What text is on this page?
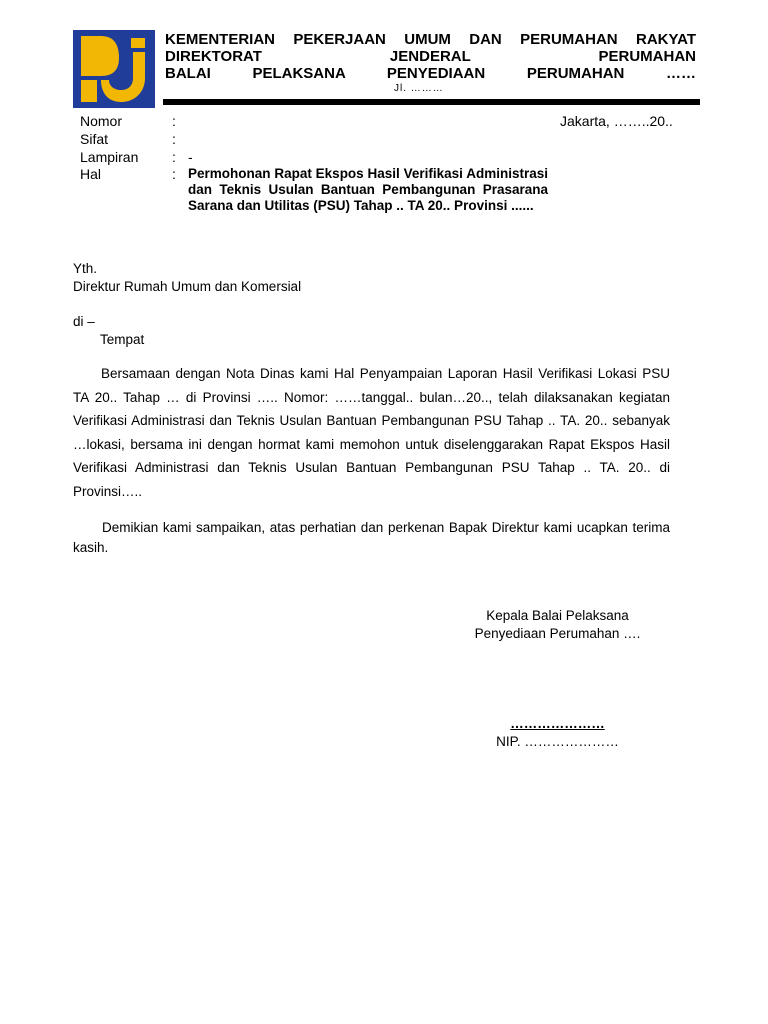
KEMENTERIAN PEKERJAAN UMUM DAN PERUMAHAN RAKYAT
DIREKTORAT JENDERAL PERUMAHAN
BALAI PELAKSANA PENYEDIAAN PERUMAHAN ……
Jl. ………
Nomor	:
Sifat	:
Lampiran : -
Hal	: Permohonan Rapat Ekspos Hasil Verifikasi Administrasi dan Teknis Usulan Bantuan Pembangunan Prasarana Sarana dan Utilitas (PSU) Tahap .. TA 20.. Provinsi ......
Jakarta, ……..20..
Yth.
Direktur Rumah Umum dan Komersial
di –
Tempat
Bersamaan dengan Nota Dinas kami Hal Penyampaian Laporan Hasil Verifikasi Lokasi PSU TA 20.. Tahap … di Provinsi ….. Nomor: ……tanggal.. bulan…20.., telah dilaksanakan kegiatan Verifikasi Administrasi dan Teknis Usulan Bantuan Pembangunan PSU Tahap .. TA. 20.. sebanyak …lokasi, bersama ini dengan hormat kami memohon untuk diselenggarakan Rapat Ekspos Hasil Verifikasi Administrasi dan Teknis Usulan Bantuan Pembangunan PSU Tahap .. TA. 20.. di Provinsi…..
Demikian kami sampaikan, atas perhatian dan perkenan Bapak Direktur kami ucapkan terima kasih.
Kepala Balai Pelaksana
Penyediaan Perumahan ….
…………………
NIP. …………………
